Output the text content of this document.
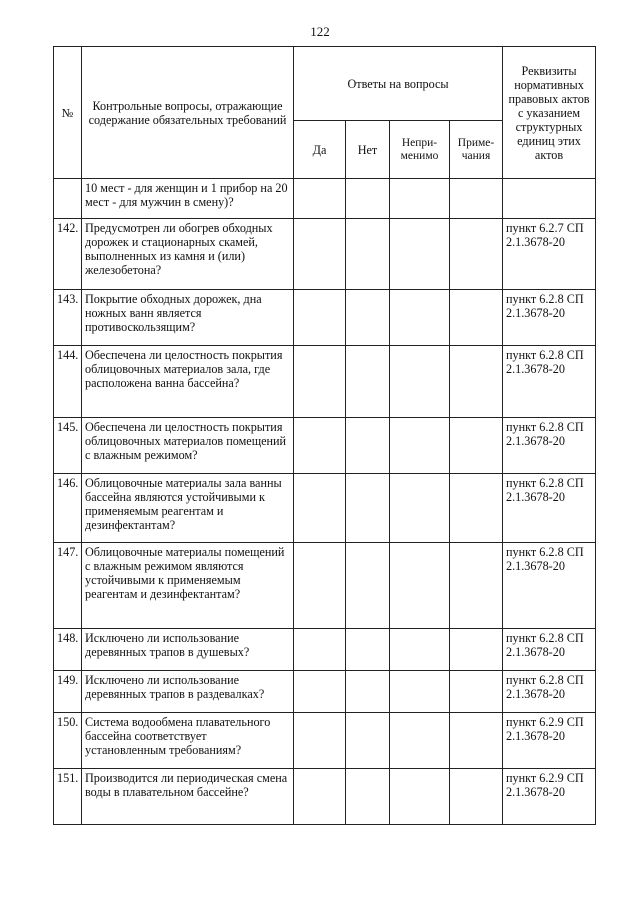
122
№	Контрольные вопросы, отражающие содержание обязательных требований	Ответы на вопросы				Реквизиты нормативных правовых актов с указанием структурных единиц этих актов
		Да	Нет	Непри-менимо	Приме-чания	
	10 мест - для женщин и 1 прибор на 20 мест - для мужчин в смену)?					
142.	Предусмотрен ли обогрев обходных дорожек и стационарных скамей, выполненных из камня и (или) железобетона?					пункт 6.2.7 СП 2.1.3678-20
143.	Покрытие обходных дорожек, дна ножных ванн является противоскользящим?					пункт 6.2.8 СП 2.1.3678-20
144.	Обеспечена ли целостность покрытия облицовочных материалов зала, где расположена ванна бассейна?					пункт 6.2.8 СП 2.1.3678-20
145.	Обеспечена ли целостность покрытия облицовочных материалов помещений с влажным режимом?					пункт 6.2.8 СП 2.1.3678-20
146.	Облицовочные материалы зала ванны бассейна являются устойчивыми к применяемым реагентам и дезинфектантам?					пункт 6.2.8 СП 2.1.3678-20
147.	Облицовочные материалы помещений с влажным режимом являются устойчивыми к применяемым реагентам и дезинфектантам?					пункт 6.2.8 СП 2.1.3678-20
148.	Исключено ли использование деревянных трапов в душевых?					пункт 6.2.8 СП 2.1.3678-20
149.	Исключено ли использование деревянных трапов в раздевалках?					пункт 6.2.8 СП 2.1.3678-20
150.	Система водообмена плавательного бассейна соответствует установленным требованиям?					пункт 6.2.9 СП 2.1.3678-20
151.	Производится ли периодическая смена воды в плавательном бассейне?					пункт 6.2.9 СП 2.1.3678-20
